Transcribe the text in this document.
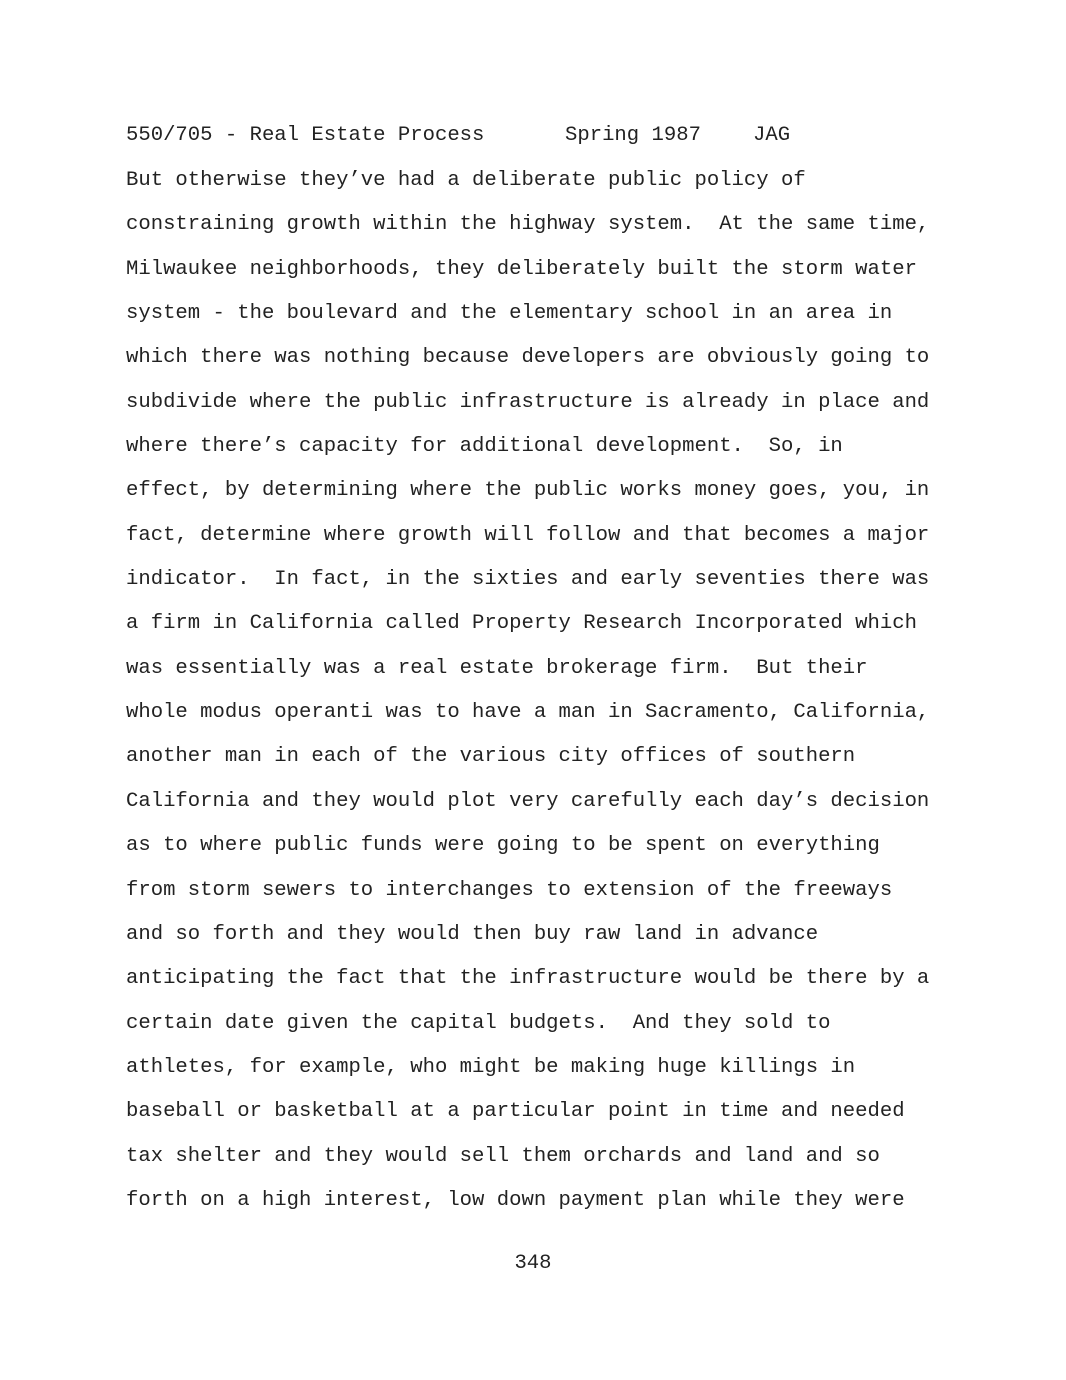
550/705 - Real Estate Process	Spring 1987	JAG
But otherwise they’ve had a deliberate public policy of
constraining growth within the highway system.  At the same time,
Milwaukee neighborhoods, they deliberately built the storm water
system - the boulevard and the elementary school in an area in
which there was nothing because developers are obviously going to
subdivide where the public infrastructure is already in place and
where there’s capacity for additional development.  So, in
effect, by determining where the public works money goes, you, in
fact, determine where growth will follow and that becomes a major
indicator.  In fact, in the sixties and early seventies there was
a firm in California called Property Research Incorporated which
was essentially was a real estate brokerage firm.  But their
whole modus operanti was to have a man in Sacramento, California,
another man in each of the various city offices of southern
California and they would plot very carefully each day’s decision
as to where public funds were going to be spent on everything
from storm sewers to interchanges to extension of the freeways
and so forth and they would then buy raw land in advance
anticipating the fact that the infrastructure would be there by a
certain date given the capital budgets.  And they sold to
athletes, for example, who might be making huge killings in
baseball or basketball at a particular point in time and needed
tax shelter and they would sell them orchards and land and so
forth on a high interest, low down payment plan while they were
348
